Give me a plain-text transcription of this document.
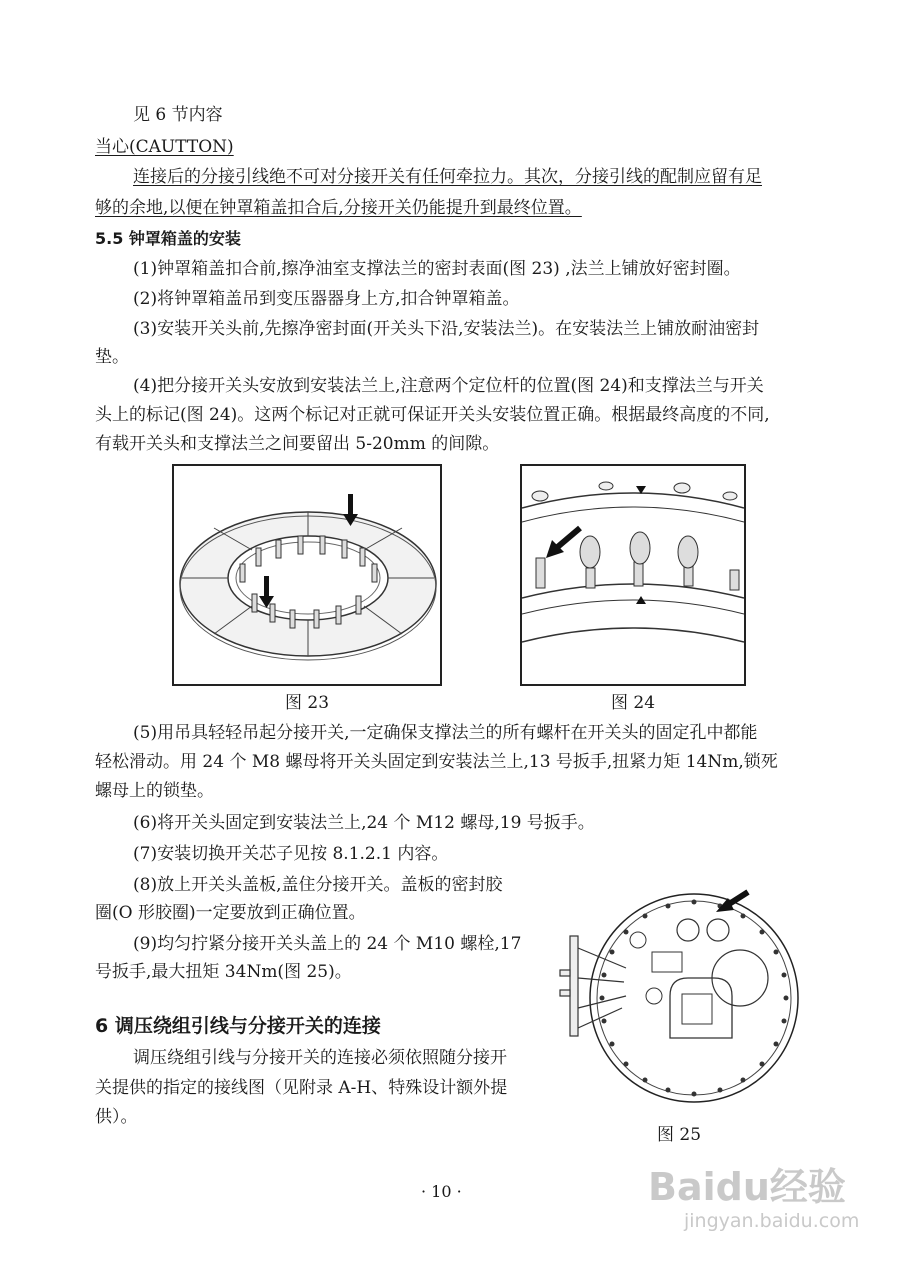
见 6 节内容
当心(CAUTTON)
连接后的分接引线绝不可对分接开关有任何牵拉力。其次，分接引线的配制应留有足
够的余地,以便在钟罩箱盖扣合后,分接开关仍能提升到最终位置。
5.5 钟罩箱盖的安装
(1)钟罩箱盖扣合前,擦净油室支撑法兰的密封表面(图 23) ,法兰上铺放好密封圈。
(2)将钟罩箱盖吊到变压器器身上方,扣合钟罩箱盖。
(3)安装开关头前,先擦净密封面(开关头下沿,安装法兰)。在安装法兰上铺放耐油密封
垫。
(4)把分接开关头安放到安装法兰上,注意两个定位杆的位置(图 24)和支撑法兰与开关
头上的标记(图 24)。这两个标记对正就可保证开关头安装位置正确。根据最终高度的不同,
有载开关头和支撑法兰之间要留出 5-20mm 的间隙。
图 23	图 24
(5)用吊具轻轻吊起分接开关,一定确保支撑法兰的所有螺杆在开关头的固定孔中都能
轻松滑动。用 24 个 M8 螺母将开关头固定到安装法兰上,13 号扳手,扭紧力矩 14Nm,锁死
螺母上的锁垫。
(6)将开关头固定到安装法兰上,24 个 M12 螺母,19 号扳手。
(7)安装切换开关芯子见按 8.1.2.1 内容。
(8)放上开关头盖板,盖住分接开关。盖板的密封胶
圈(O 形胶圈)一定要放到正确位置。
(9)均匀拧紧分接开关头盖上的 24 个 M10 螺栓,17
号扳手,最大扭矩 34Nm(图 25)。
6 调压绕组引线与分接开关的连接
调压绕组引线与分接开关的连接必须依照随分接开
关提供的指定的接线图（见附录 A-H、特殊设计额外提
供）。
图 25
· 10 ·	Baidu经验
jingyan.baidu.com
